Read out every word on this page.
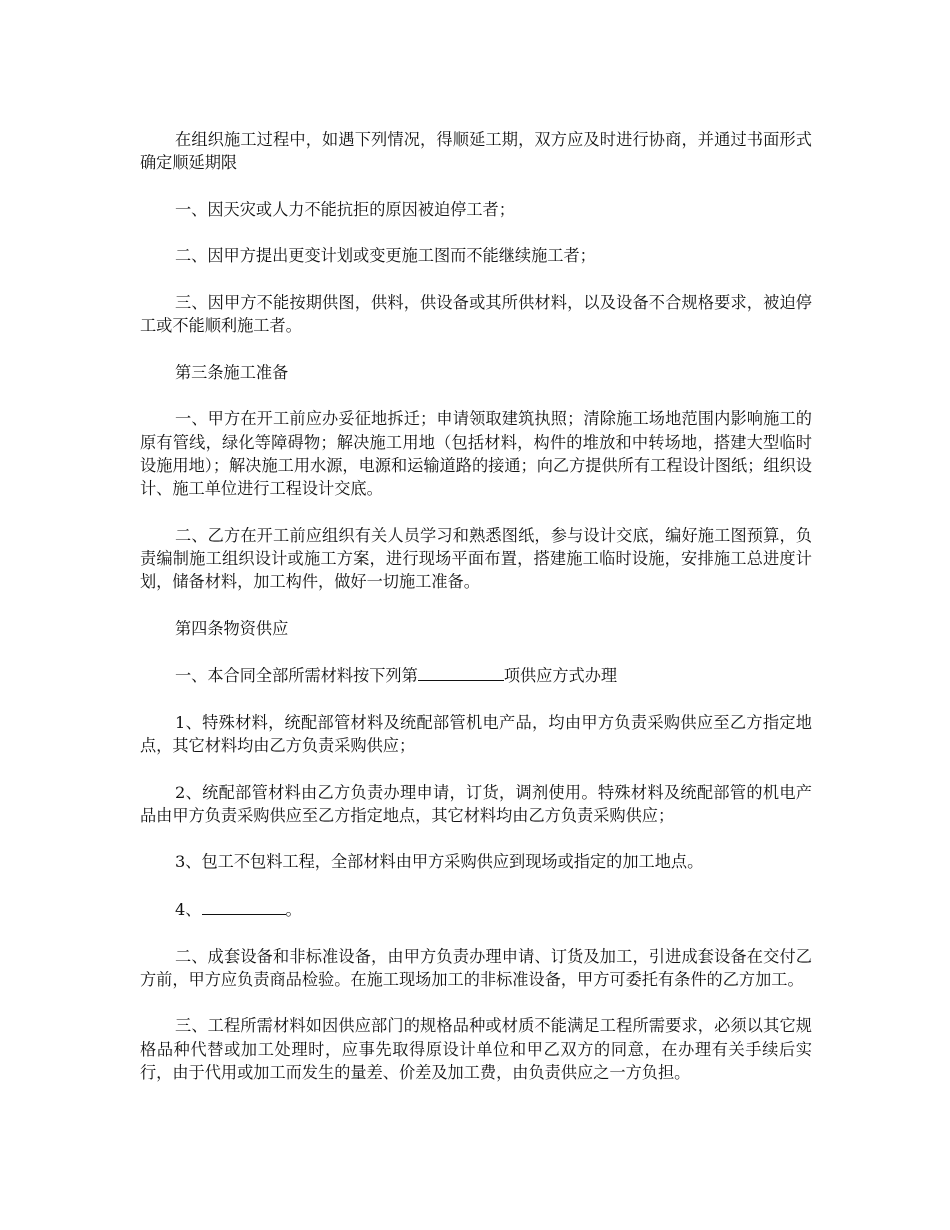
在组织施工过程中，如遇下列情况，得顺延工期，双方应及时进行协商，并通过书面形式确定顺延期限

一、因天灾或人力不能抗拒的原因被迫停工者；

二、因甲方提出更变计划或变更施工图而不能继续施工者；

三、因甲方不能按期供图，供料，供设备或其所供材料，以及设备不合规格要求，被迫停工或不能顺利施工者。

第三条施工准备

一、甲方在开工前应办妥征地拆迁；申请领取建筑执照；清除施工场地范围内影响施工的原有管线，绿化等障碍物；解决施工用地（包括材料，构件的堆放和中转场地，搭建大型临时设施用地）；解决施工用水源，电源和运输道路的接通；向乙方提供所有工程设计图纸；组织设计、施工单位进行工程设计交底。

二、乙方在开工前应组织有关人员学习和熟悉图纸，参与设计交底，编好施工图预算，负责编制施工组织设计或施工方案，进行现场平面布置，搭建施工临时设施，安排施工总进度计划，储备材料，加工构件，做好一切施工准备。

第四条物资供应

一、本合同全部所需材料按下列第	项供应方式办理

1、特殊材料，统配部管材料及统配部管机电产品，均由甲方负责采购供应至乙方指定地点，其它材料均由乙方负责采购供应；

2、统配部管材料由乙方负责办理申请，订货，调剂使用。特殊材料及统配部管的机电产品由甲方负责采购供应至乙方指定地点，其它材料均由乙方负责采购供应；

3、包工不包料工程，全部材料由甲方采购供应到现场或指定的加工地点。

4、	。

二、成套设备和非标准设备，由甲方负责办理申请、订货及加工，引进成套设备在交付乙方前，甲方应负责商品检验。在施工现场加工的非标准设备，甲方可委托有条件的乙方加工。

三、工程所需材料如因供应部门的规格品种或材质不能满足工程所需要求，必须以其它规格品种代替或加工处理时，应事先取得原设计单位和甲乙双方的同意，在办理有关手续后实行，由于代用或加工而发生的量差、价差及加工费，由负责供应之一方负担。
